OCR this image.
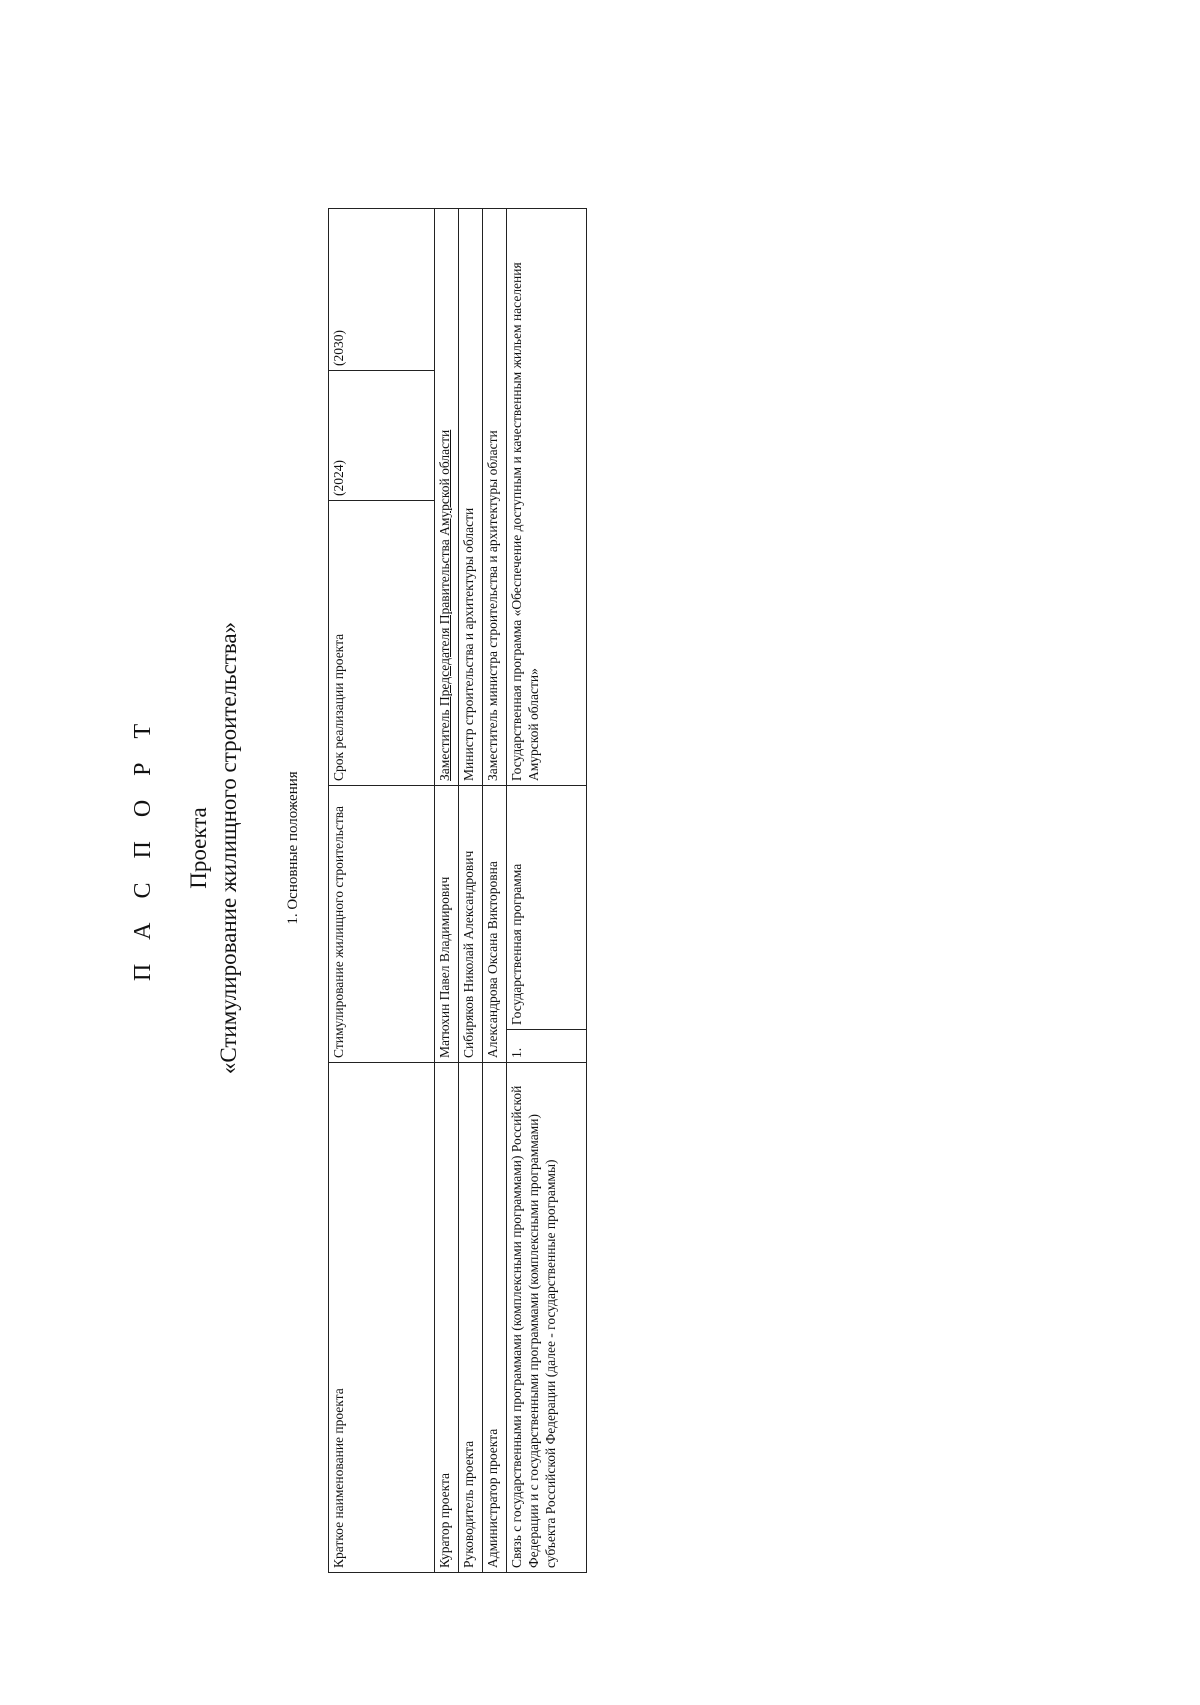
П А С П О Р Т Проекта «Стимулирование жилищного строительства»	1. Основные положения
Краткое наименование проекта	Стимулирование жилищного строительства		Срок реализации проекта	(2024)	(2030)
Куратор проекта	Матюхин Павел Владимирович		Заместитель Председателя Правительства Амурской области		
Руководитель проекта	Сибиряков Николай Александрович		Министр строительства и архитектуры области		
Администратор проекта	Александрова Оксана Викторовна		Заместитель министра строительства и архитектуры области		
Связь с государственными программами (комплексными программами) Российской Федерации и с государственными программами (комплексными программами) субъекта Российской Федерации (далее - государственные программы)	1.	Государственная программа	Государственная программа «Обеспечение доступным и качественным жильем населения Амурской области»		
